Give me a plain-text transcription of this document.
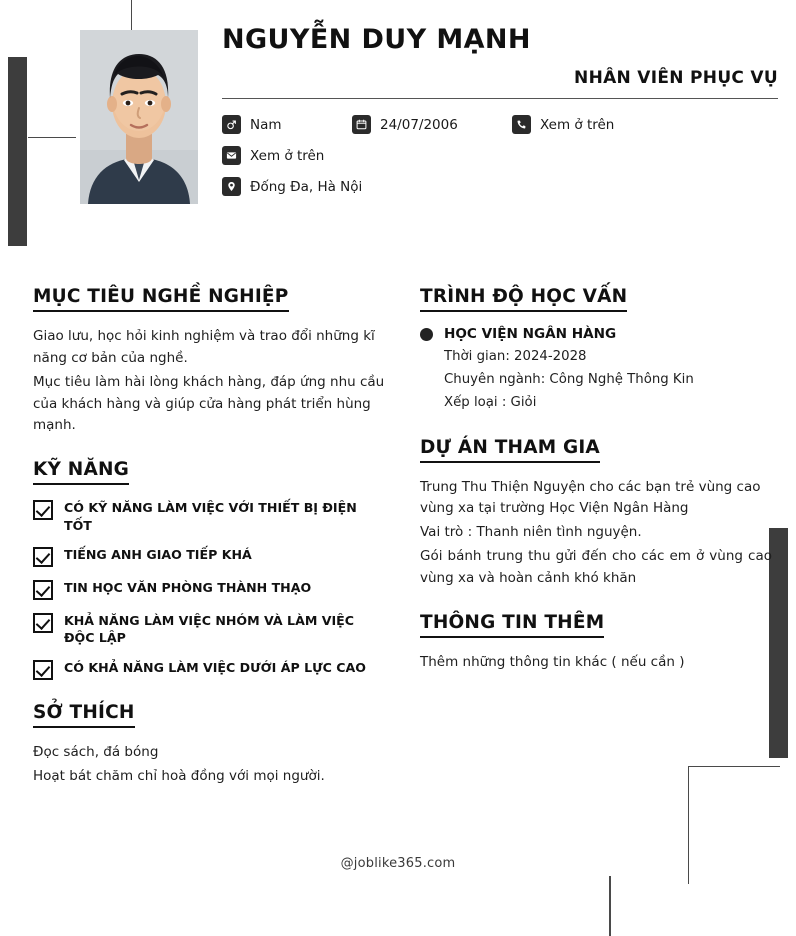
NGUYỄN DUY MẠNH
NHÂN VIÊN PHỤC VỤ
Nam	24/07/2006	Xem ở trên
Xem ở trên
Đống Đa, Hà Nội
MỤC TIÊU NGHỀ NGHIỆP

Giao lưu, học hỏi kinh nghiệm và trao đổi những kĩ năng cơ bản của nghề.

Mục tiêu làm hài lòng khách hàng, đáp ứng nhu cầu của khách hàng và giúp cửa hàng phát triển hùng mạnh.

KỸ NĂNG
CÓ KỸ NĂNG LÀM VIỆC VỚI THIẾT BỊ ĐIỆN TỐT
TIẾNG ANH GIAO TIẾP KHÁ
TIN HỌC VĂN PHÒNG THÀNH THẠO
KHẢ NĂNG LÀM VIỆC NHÓM VÀ LÀM VIỆC ĐỘC LẬP
CÓ KHẢ NĂNG LÀM VIỆC DƯỚI ÁP LỰC CAO
SỞ THÍCH

Đọc sách, đá bóng

Hoạt bát chăm chỉ hoà đồng với mọi người.

TRÌNH ĐỘ HỌC VẤN
HỌC VIỆN NGÂN HÀNG

Thời gian: 2024-2028

Chuyên ngành: Công Nghệ Thông Kin

Xếp loại : Giỏi

DỰ ÁN THAM GIA

Trung Thu Thiện Nguyện cho các bạn trẻ vùng cao vùng xa tại trường Học Viện Ngân Hàng

Vai trò : Thanh niên tình nguyện.

Gói bánh trung thu gửi đến cho các em ở vùng cao vùng xa và hoàn cảnh khó khăn

THÔNG TIN THÊM

Thêm những thông tin khác ( nếu cần )

@joblike365.com
